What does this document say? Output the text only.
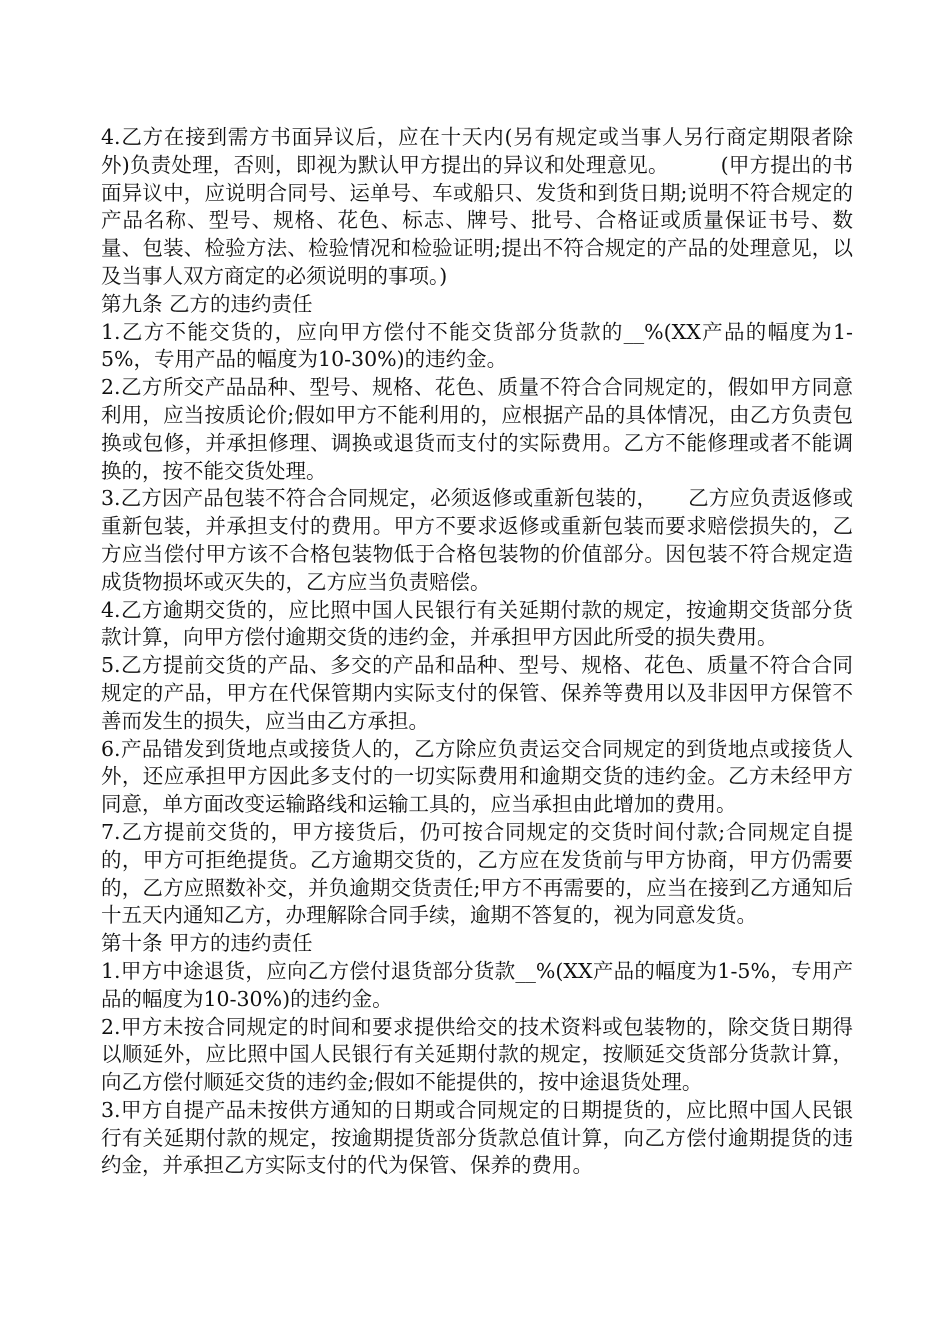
4.乙方在接到需方书面异议后，应在十天内(另有规定或当事人另行商定期限者除外)负责处理，否则，即视为默认甲方提出的异议和处理意见。　　　(甲方提出的书面异议中，应说明合同号、运单号、车或船只、发货和到货日期;说明不符合规定的产品名称、型号、规格、花色、标志、牌号、批号、合格证或质量保证书号、数量、包装、检验方法、检验情况和检验证明;提出不符合规定的产品的处理意见，以及当事人双方商定的必须说明的事项。)

第九条 乙方的违约责任

1.乙方不能交货的，应向甲方偿付不能交货部分货款的__%(XX产品的幅度为1-5%，专用产品的幅度为10-30%)的违约金。

2.乙方所交产品品种、型号、规格、花色、质量不符合合同规定的，假如甲方同意利用，应当按质论价;假如甲方不能利用的，应根据产品的具体情况，由乙方负责包换或包修，并承担修理、调换或退货而支付的实际费用。乙方不能修理或者不能调换的，按不能交货处理。

3.乙方因产品包装不符合合同规定，必须返修或重新包装的，　　乙方应负责返修或重新包装，并承担支付的费用。甲方不要求返修或重新包装而要求赔偿损失的，乙方应当偿付甲方该不合格包装物低于合格包装物的价值部分。因包装不符合规定造成货物损坏或灭失的，乙方应当负责赔偿。

4.乙方逾期交货的，应比照中国人民银行有关延期付款的规定，按逾期交货部分货款计算，向甲方偿付逾期交货的违约金，并承担甲方因此所受的损失费用。

5.乙方提前交货的产品、多交的产品和品种、型号、规格、花色、质量不符合合同规定的产品，甲方在代保管期内实际支付的保管、保养等费用以及非因甲方保管不善而发生的损失，应当由乙方承担。

6.产品错发到货地点或接货人的，乙方除应负责运交合同规定的到货地点或接货人外，还应承担甲方因此多支付的一切实际费用和逾期交货的违约金。乙方未经甲方同意，单方面改变运输路线和运输工具的，应当承担由此增加的费用。

7.乙方提前交货的，甲方接货后，仍可按合同规定的交货时间付款;合同规定自提的，甲方可拒绝提货。乙方逾期交货的，乙方应在发货前与甲方协商，甲方仍需要的，乙方应照数补交，并负逾期交货责任;甲方不再需要的，应当在接到乙方通知后十五天内通知乙方，办理解除合同手续，逾期不答复的，视为同意发货。

第十条 甲方的违约责任

1.甲方中途退货，应向乙方偿付退货部分货款__%(XX产品的幅度为1-5%，专用产品的幅度为10-30%)的违约金。

2.甲方未按合同规定的时间和要求提供给交的技术资料或包装物的，除交货日期得以顺延外，应比照中国人民银行有关延期付款的规定，按顺延交货部分货款计算，向乙方偿付顺延交货的违约金;假如不能提供的，按中途退货处理。

3.甲方自提产品未按供方通知的日期或合同规定的日期提货的，应比照中国人民银行有关延期付款的规定，按逾期提货部分货款总值计算，向乙方偿付逾期提货的违约金，并承担乙方实际支付的代为保管、保养的费用。
